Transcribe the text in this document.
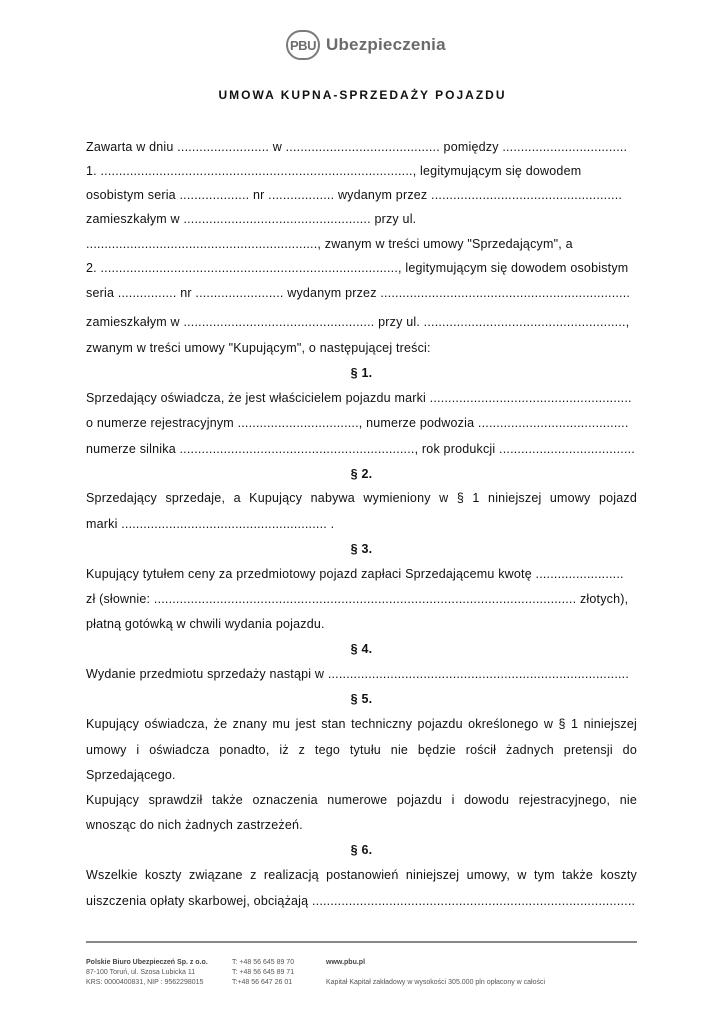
PBU Ubezpieczenia
UMOWA KUPNA-SPRZEDAŻY POJAZDU
Zawarta w dniu ......................... w .......................................... pomiędzy ..................................
1. ....................................................................................., legitymującym się dowodem
osobistym seria ................... nr .................. wydanym przez ....................................................
zamieszkałym w ................................................... przy ul.
..............................................................., zwanym w treści umowy "Sprzedającym", a
2. ................................................................................., legitymującym się dowodem osobistym
seria ................ nr ........................ wydanym przez ....................................................................
zamieszkałym w .................................................... przy ul. .......................................................,
zwanym w treści umowy "Kupującym", o następującej treści:
§ 1.
Sprzedający oświadcza, że jest właścicielem pojazdu marki .......................................................
o numerze rejestracyjnym ................................., numerze podwozia .........................................
numerze silnika ................................................................, rok produkcji .....................................
§ 2.
Sprzedający sprzedaje, a Kupujący nabywa wymieniony w § 1 niniejszej umowy pojazd
marki ........................................................ .
§ 3.
Kupujący tytułem ceny za przedmiotowy pojazd zapłaci Sprzedającemu kwotę ........................
zł (słownie: ................................................................................................................... złotych),
płatną gotówką w chwili wydania pojazdu.
§ 4.
Wydanie przedmiotu sprzedaży nastąpi w ..................................................................................
§ 5.
Kupujący oświadcza, że znany mu jest stan techniczny pojazdu określonego w § 1 niniejszej
umowy i oświadcza ponadto, iż z tego tytułu nie będzie rościł żadnych pretensji do
Sprzedającego.
Kupujący sprawdził także oznaczenia numerowe pojazdu i dowodu rejestracyjnego, nie
wnosząc do nich żadnych zastrzeżeń.
§ 6.
Wszelkie koszty związane z realizacją postanowień niniejszej umowy, w tym także koszty
uiszczenia opłaty skarbowej, obciążają ........................................................................................
Polskie Biuro Ubezpieczeń Sp. z o.o.
87-100 Toruń, ul. Szosa Lubicka 11
KRS: 0000400831, NIP : 9562298015
T: +48 56 645 89 70
T: +48 56 645 89 71
T:+48 56 647 26 01
www.pbu.pl

Kapitał Kapitał zakładowy w wysokości 305.000 pln opłacony w całości
